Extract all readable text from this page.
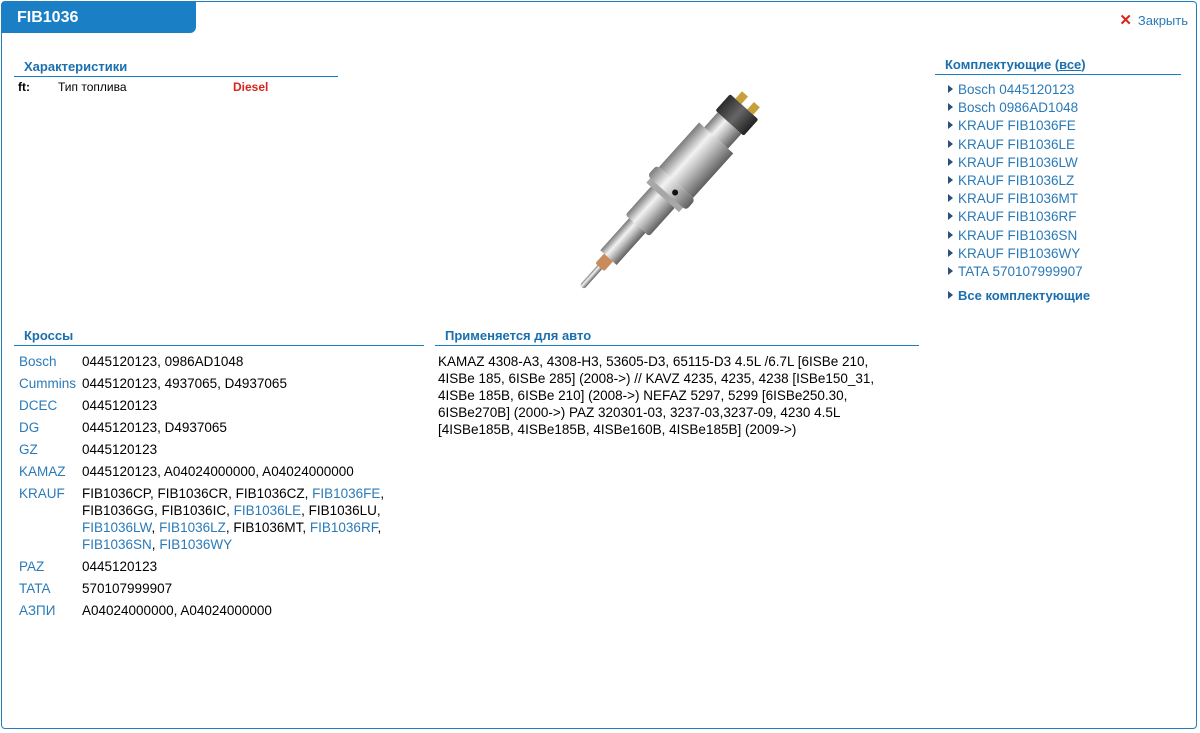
FIB1036	✕ Закрыть
Характеристики
ft:	Тип топлива	Diesel
Комплектующие (все)
Bosch 0445120123
Bosch 0986AD1048
KRAUF FIB1036FE
KRAUF FIB1036LE
KRAUF FIB1036LW
KRAUF FIB1036LZ
KRAUF FIB1036MT
KRAUF FIB1036RF
KRAUF FIB1036SN
KRAUF FIB1036WY
TATA 570107999907
Все комплектующие
Кроссы
Bosch	0445120123, 0986AD1048
Cummins 0445120123, 4937065, D4937065
DCEC	0445120123
DG	0445120123, D4937065
GZ	0445120123
KAMAZ	0445120123, A04024000000, A04024000000
KRAUF	FIB1036CP, FIB1036CR, FIB1036CZ, FIB1036FE, FIB1036GG, FIB1036IC, FIB1036LE, FIB1036LU, FIB1036LW, FIB1036LZ, FIB1036MT, FIB1036RF, FIB1036SN, FIB1036WY
PAZ	0445120123
TATA	570107999907
АЗПИ	A04024000000, A04024000000
Применяется для авто
KAMAZ 4308-A3, 4308-H3, 53605-D3, 65115-D3 4.5L /6.7L [6ISBe 210, 4ISBe 185, 6ISBe 285] (2008->) // KAVZ 4235, 4235, 4238 [ISBe150_31, 4ISBe 185B, 6ISBe 210] (2008->) NEFAZ 5297, 5299 [6ISBe250.30, 6ISBe270B] (2000->) PAZ 320301-03, 3237-03,3237-09, 4230 4.5L [4ISBe185B, 4ISBe185B, 4ISBe160B, 4ISBe185B] (2009->)
